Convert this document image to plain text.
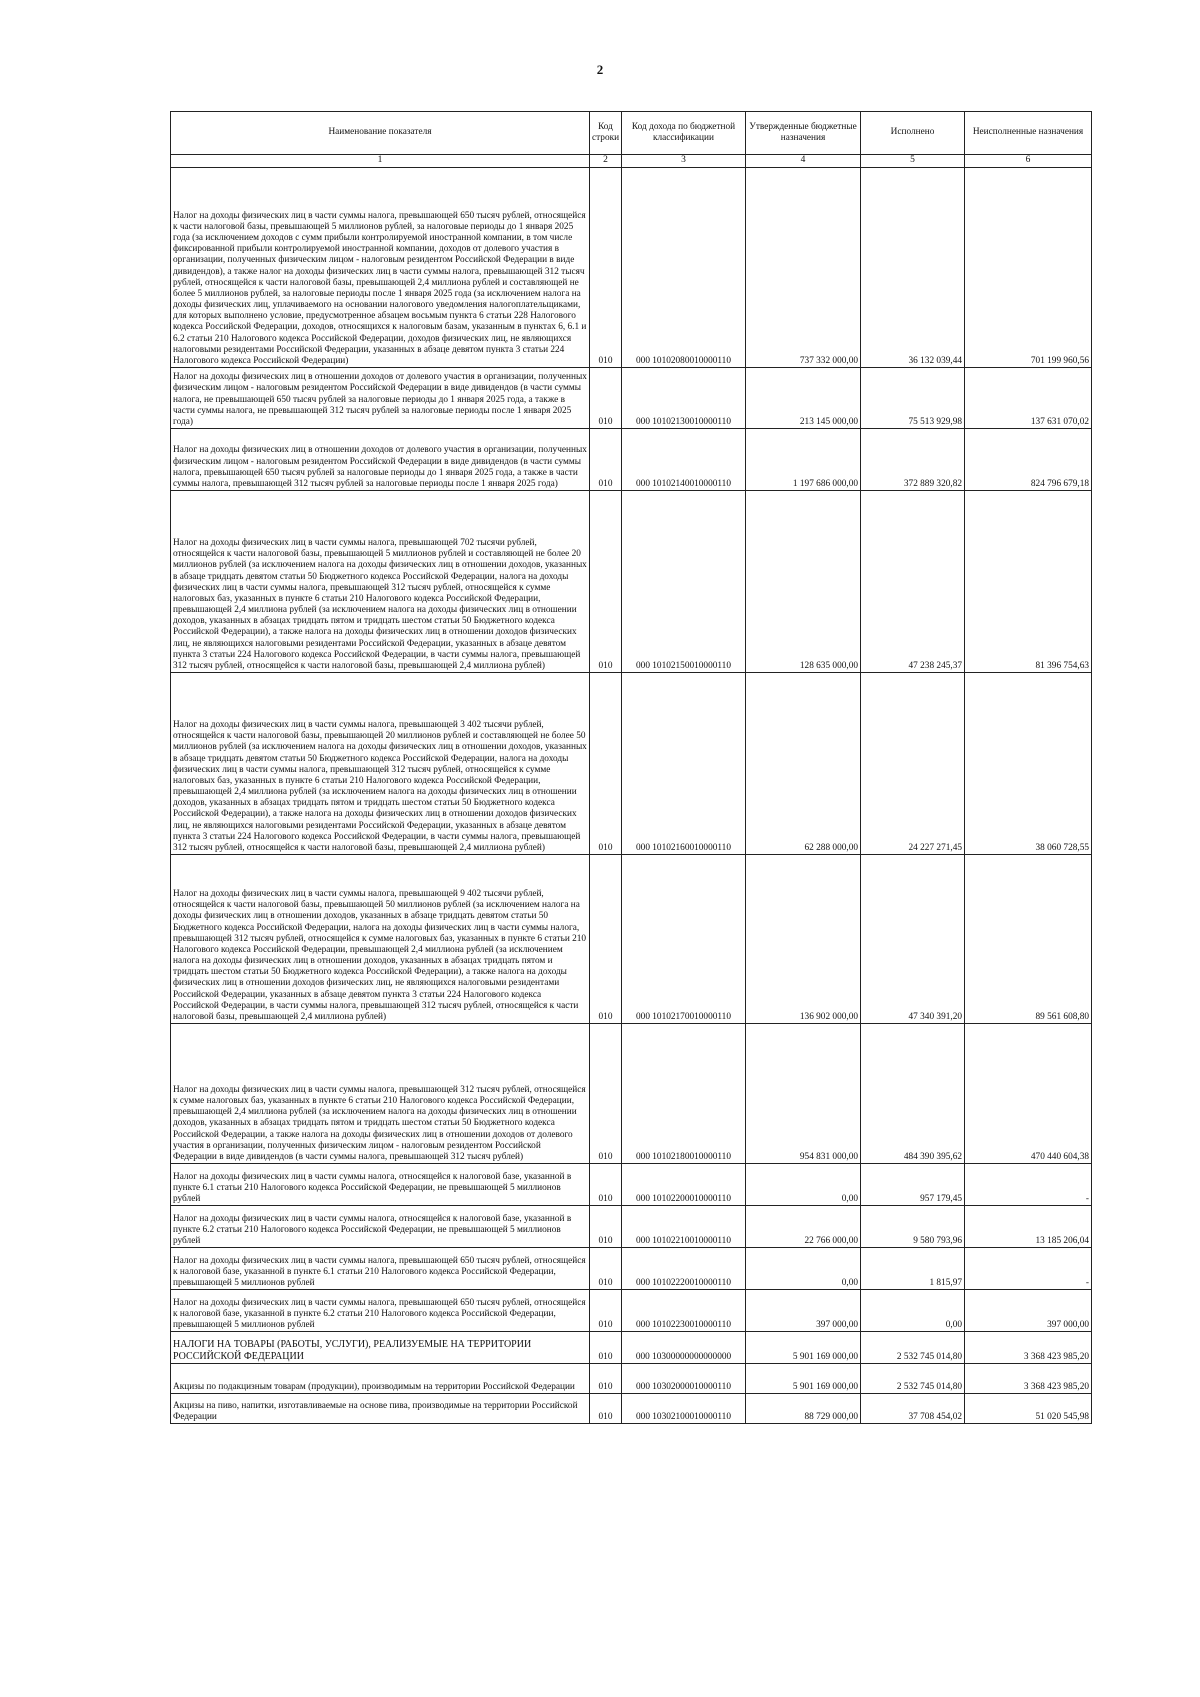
2
Наименование показателя	Код строки	Код дохода по бюджетной классификации	Утвержденные бюджетные назначения	Исполнено	Неисполненные назначения
1	2	3	4	5	6
Налог на доходы физических лиц в части суммы налога, превышающей 650 тысяч рублей, относящейся к части налоговой базы, превышающей 5 миллионов рублей, за налоговые периоды до 1 января 2025 года (за исключением доходов с сумм прибыли контролируемой иностранной компании, в том числе фиксированной прибыли контролируемой иностранной компании, доходов от долевого участия в организации, полученных физическим лицом - налоговым резидентом Российской Федерации в виде дивидендов), а также налог на доходы физических лиц в части суммы налога, превышающей 312 тысяч рублей, относящейся к части налоговой базы, превышающей 2,4 миллиона рублей и составляющей не более 5 миллионов рублей, за налоговые периоды после 1 января 2025 года (за исключением налога на доходы физических лиц, уплачиваемого на основании налогового уведомления налогоплательщиками, для которых выполнено условие, предусмотренное абзацем восьмым пункта 6 статьи 228 Налогового кодекса Российской Федерации, доходов, относящихся к налоговым базам, указанным в пунктах 6, 6.1 и 6.2 статьи 210 Налогового кодекса Российской Федерации, доходов физических лиц, не являющихся налоговыми резидентами Российской Федерации, указанных в абзаце девятом пункта 3 статьи 224 Налогового кодекса Российской Федерации)	010	000 10102080010000110	737 332 000,00	36 132 039,44	701 199 960,56
Налог на доходы физических лиц в отношении доходов от долевого участия в организации, полученных физическим лицом - налоговым резидентом Российской Федерации в виде дивидендов (в части суммы налога, не превышающей 650 тысяч рублей за налоговые периоды до 1 января 2025 года, а также в части суммы налога, не превышающей 312 тысяч рублей за налоговые периоды после 1 января 2025 года)	010	000 10102130010000110	213 145 000,00	75 513 929,98	137 631 070,02
Налог на доходы физических лиц в отношении доходов от долевого участия в организации, полученных физическим лицом - налоговым резидентом Российской Федерации в виде дивидендов (в части суммы налога, превышающей 650 тысяч рублей за налоговые периоды до 1 января 2025 года, а также в части суммы налога, превышающей 312 тысяч рублей за налоговые периоды после 1 января 2025 года)	010	000 10102140010000110	1 197 686 000,00	372 889 320,82	824 796 679,18
Налог на доходы физических лиц в части суммы налога, превышающей 702 тысячи рублей, относящейся к части налоговой базы, превышающей 5 миллионов рублей и составляющей не более 20 миллионов рублей (за исключением налога на доходы физических лиц в отношении доходов, указанных в абзаце тридцать девятом статьи 50 Бюджетного кодекса Российской Федерации, налога на доходы физических лиц в части суммы налога, превышающей 312 тысяч рублей, относящейся к сумме налоговых баз, указанных в пункте 6 статьи 210 Налогового кодекса Российской Федерации, превышающей 2,4 миллиона рублей (за исключением налога на доходы физических лиц в отношении доходов, указанных в абзацах тридцать пятом и тридцать шестом статьи 50 Бюджетного кодекса Российской Федерации), а также налога на доходы физических лиц в отношении доходов физических лиц, не являющихся налоговыми резидентами Российской Федерации, указанных в абзаце девятом пункта 3 статьи 224 Налогового кодекса Российской Федерации, в части суммы налога, превышающей 312 тысяч рублей, относящейся к части налоговой базы, превышающей 2,4 миллиона рублей)	010	000 10102150010000110	128 635 000,00	47 238 245,37	81 396 754,63
Налог на доходы физических лиц в части суммы налога, превышающей 3 402 тысячи рублей, относящейся к части налоговой базы, превышающей 20 миллионов рублей и составляющей не более 50 миллионов рублей (за исключением налога на доходы физических лиц в отношении доходов, указанных в абзаце тридцать девятом статьи 50 Бюджетного кодекса Российской Федерации, налога на доходы физических лиц в части суммы налога, превышающей 312 тысяч рублей, относящейся к сумме налоговых баз, указанных в пункте 6 статьи 210 Налогового кодекса Российской Федерации, превышающей 2,4 миллиона рублей (за исключением налога на доходы физических лиц в отношении доходов, указанных в абзацах тридцать пятом и тридцать шестом статьи 50 Бюджетного кодекса Российской Федерации), а также налога на доходы физических лиц в отношении доходов физических лиц, не являющихся налоговыми резидентами Российской Федерации, указанных в абзаце девятом пункта 3 статьи 224 Налогового кодекса Российской Федерации, в части суммы налога, превышающей 312 тысяч рублей, относящейся к части налоговой базы, превышающей 2,4 миллиона рублей)	010	000 10102160010000110	62 288 000,00	24 227 271,45	38 060 728,55
Налог на доходы физических лиц в части суммы налога, превышающей 9 402 тысячи рублей, относящейся к части налоговой базы, превышающей 50 миллионов рублей (за исключением налога на доходы физических лиц в отношении доходов, указанных в абзаце тридцать девятом статьи 50 Бюджетного кодекса Российской Федерации, налога на доходы физических лиц в части суммы налога, превышающей 312 тысяч рублей, относящейся к сумме налоговых баз, указанных в пункте 6 статьи 210 Налогового кодекса Российской Федерации, превышающей 2,4 миллиона рублей (за исключением налога на доходы физических лиц в отношении доходов, указанных в абзацах тридцать пятом и тридцать шестом статьи 50 Бюджетного кодекса Российской Федерации), а также налога на доходы физических лиц в отношении доходов физических лиц, не являющихся налоговыми резидентами Российской Федерации, указанных в абзаце девятом пункта 3 статьи 224 Налогового кодекса Российской Федерации, в части суммы налога, превышающей 312 тысяч рублей, относящейся к части налоговой базы, превышающей 2,4 миллиона рублей)	010	000 10102170010000110	136 902 000,00	47 340 391,20	89 561 608,80
Налог на доходы физических лиц в части суммы налога, превышающей 312 тысяч рублей, относящейся к сумме налоговых баз, указанных в пункте 6 статьи 210 Налогового кодекса Российской Федерации, превышающей 2,4 миллиона рублей (за исключением налога на доходы физических лиц в отношении доходов, указанных в абзацах тридцать пятом и тридцать шестом статьи 50 Бюджетного кодекса Российской Федерации, а также налога на доходы физических лиц в отношении доходов от долевого участия в организации, полученных физическим лицом - налоговым резидентом Российской Федерации в виде дивидендов (в части суммы налога, превышающей 312 тысяч рублей)	010	000 10102180010000110	954 831 000,00	484 390 395,62	470 440 604,38
Налог на доходы физических лиц в части суммы налога, относящейся к налоговой базе, указанной в пункте 6.1 статьи 210 Налогового кодекса Российской Федерации, не превышающей 5 миллионов рублей	010	000 10102200010000110	0,00	957 179,45	-
Налог на доходы физических лиц в части суммы налога, относящейся к налоговой базе, указанной в пункте 6.2 статьи 210 Налогового кодекса Российской Федерации, не превышающей 5 миллионов рублей	010	000 10102210010000110	22 766 000,00	9 580 793,96	13 185 206,04
Налог на доходы физических лиц в части суммы налога, превышающей 650 тысяч рублей, относящейся к налоговой базе, указанной в пункте 6.1 статьи 210 Налогового кодекса Российской Федерации, превышающей 5 миллионов рублей	010	000 10102220010000110	0,00	1 815,97	-
Налог на доходы физических лиц в части суммы налога, превышающей 650 тысяч рублей, относящейся к налоговой базе, указанной в пункте 6.2 статьи 210 Налогового кодекса Российской Федерации, превышающей 5 миллионов рублей	010	000 10102230010000110	397 000,00	0,00	397 000,00
НАЛОГИ НА ТОВАРЫ (РАБОТЫ, УСЛУГИ), РЕАЛИЗУЕМЫЕ НА ТЕРРИТОРИИ РОССИЙСКОЙ ФЕДЕРАЦИИ	010	000 10300000000000000	5 901 169 000,00	2 532 745 014,80	3 368 423 985,20
Акцизы по подакцизным товарам (продукции), производимым на территории Российской Федерации	010	000 10302000010000110	5 901 169 000,00	2 532 745 014,80	3 368 423 985,20
Акцизы на пиво, напитки, изготавливаемые на основе пива, производимые на территории Российской Федерации	010	000 10302100010000110	88 729 000,00	37 708 454,02	51 020 545,98
